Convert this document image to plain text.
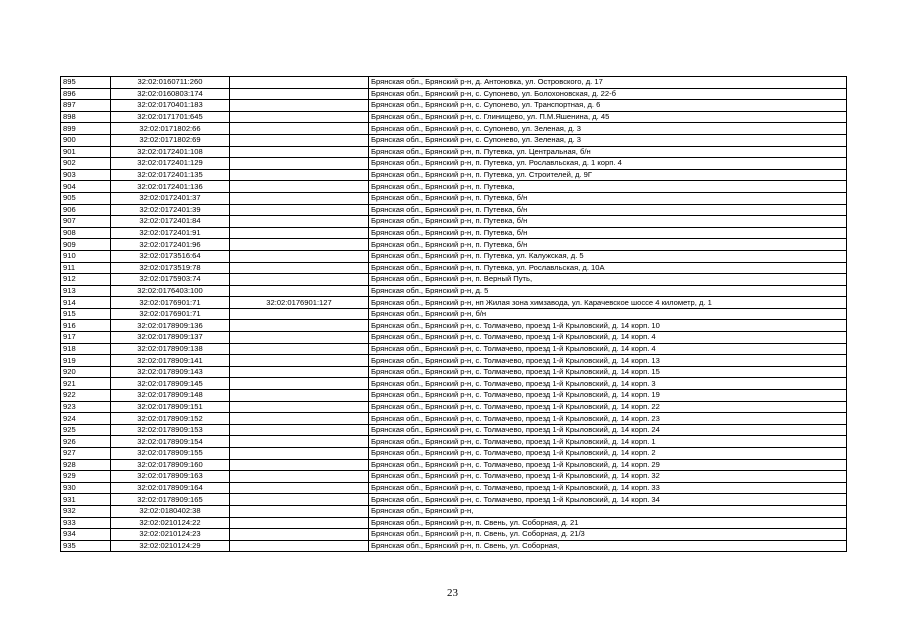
895	32:02:0160711:260		Брянская обл., Брянский р-н, д. Антоновка, ул. Островского, д. 17
896	32:02:0160803:174		Брянская обл., Брянский р-н, с. Супонево, ул. Болохоновская, д. 22-б
897	32:02:0170401:183		Брянская обл., Брянский р-н, с. Супонево, ул. Транспортная, д. 6
898	32:02:0171701:645		Брянская обл., Брянский р-н, с. Глинищево, ул. П.М.Яшенина, д. 45
899	32:02:0171802:66		Брянская обл., Брянский р-н, с. Супонево, ул. Зеленая, д. 3
900	32:02:0171802:69		Брянская обл., Брянский р-н, с. Супонево, ул. Зеленая, д. 3
901	32:02:0172401:108		Брянская обл., Брянский р-н, п. Путевка, ул. Центральная, б/н
902	32:02:0172401:129		Брянская обл., Брянский р-н, п. Путевка, ул. Рославльская, д. 1 корп. 4
903	32:02:0172401:135		Брянская обл., Брянский р-н, п. Путевка, ул. Строителей, д. 9Г
904	32:02:0172401:136		Брянская обл., Брянский р-н, п. Путевка,
905	32:02:0172401:37		Брянская обл., Брянский р-н, п. Путевка, б/н
906	32:02:0172401:39		Брянская обл., Брянский р-н, п. Путевка, б/н
907	32:02:0172401:84		Брянская обл., Брянский р-н, п. Путевка, б/н
908	32:02:0172401:91		Брянская обл., Брянский р-н, п. Путевка, б/н
909	32:02:0172401:96		Брянская обл., Брянский р-н, п. Путевка, б/н
910	32:02:0173516:64		Брянская обл., Брянский р-н, п. Путевка, ул. Калужская, д. 5
911	32:02:0173519:78		Брянская обл., Брянский р-н, п. Путевка, ул. Рославльская, д. 10А
912	32:02:0175903:74		Брянская обл., Брянский р-н, п. Верный Путь,
913	32:02:0176403:100		Брянская обл., Брянский р-н, д. 5
914	32:02:0176901:71	32:02:0176901:127	Брянская обл., Брянский р-н, нп Жилая зона химзавода, ул. Карачевское шоссе 4 километр, д. 1
915	32:02:0176901:71		Брянская обл., Брянский р-н, б/н
916	32:02:0178909:136		Брянская обл., Брянский р-н, с. Толмачево, проезд 1-й Крыловский, д. 14 корп. 10
917	32:02:0178909:137		Брянская обл., Брянский р-н, с. Толмачево, проезд 1-й Крыловский, д. 14 корп. 4
918	32:02:0178909:138		Брянская обл., Брянский р-н, с. Толмачево, проезд 1-й Крыловский, д. 14 корп. 4
919	32:02:0178909:141		Брянская обл., Брянский р-н, с. Толмачево, проезд 1-й Крыловский, д. 14 корп. 13
920	32:02:0178909:143		Брянская обл., Брянский р-н, с. Толмачево, проезд 1-й Крыловский, д. 14 корп. 15
921	32:02:0178909:145		Брянская обл., Брянский р-н, с. Толмачево, проезд 1-й Крыловский, д. 14 корп. 3
922	32:02:0178909:148		Брянская обл., Брянский р-н, с. Толмачево, проезд 1-й Крыловский, д. 14 корп. 19
923	32:02:0178909:151		Брянская обл., Брянский р-н, с. Толмачево, проезд 1-й Крыловский, д. 14 корп. 22
924	32:02:0178909:152		Брянская обл., Брянский р-н, с. Толмачево, проезд 1-й Крыловский, д. 14 корп. 23
925	32:02:0178909:153		Брянская обл., Брянский р-н, с. Толмачево, проезд 1-й Крыловский, д. 14 корп. 24
926	32:02:0178909:154		Брянская обл., Брянский р-н, с. Толмачево, проезд 1-й Крыловский, д. 14 корп. 1
927	32:02:0178909:155		Брянская обл., Брянский р-н, с. Толмачево, проезд 1-й Крыловский, д. 14 корп. 2
928	32:02:0178909:160		Брянская обл., Брянский р-н, с. Толмачево, проезд 1-й Крыловский, д. 14 корп. 29
929	32:02:0178909:163		Брянская обл., Брянский р-н, с. Толмачево, проезд 1-й Крыловский, д. 14 корп. 32
930	32:02:0178909:164		Брянская обл., Брянский р-н, с. Толмачево, проезд 1-й Крыловский, д. 14 корп. 33
931	32:02:0178909:165		Брянская обл., Брянский р-н, с. Толмачево, проезд 1-й Крыловский, д. 14 корп. 34
932	32:02:0180402:38		Брянская обл., Брянский р-н,
933	32:02:0210124:22		Брянская обл., Брянский р-н, п. Свень, ул. Соборная, д. 21
934	32:02:0210124:23		Брянская обл., Брянский р-н, п. Свень, ул. Соборная, д. 21/3
935	32:02:0210124:29		Брянская обл., Брянский р-н, п. Свень, ул. Соборная,
23
